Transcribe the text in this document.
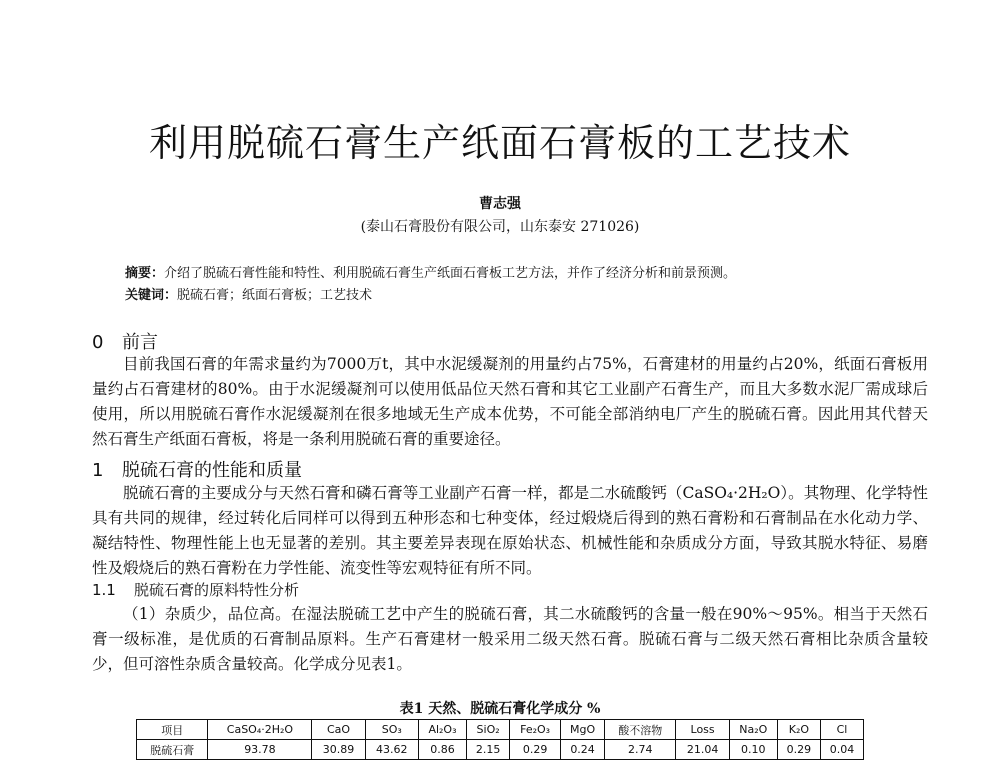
利用脱硫石膏生产纸面石膏板的工艺技术
曹志强
(泰山石膏股份有限公司，山东泰安 271026)
摘要：介绍了脱硫石膏性能和特性、利用脱硫石膏生产纸面石膏板工艺方法，并作了经济分析和前景预测。
关键词：脱硫石膏；纸面石膏板；工艺技术
0 前言

目前我国石膏的年需求量约为7000万t，其中水泥缓凝剂的用量约占75%，石膏建材的用量约占20%，纸面石膏板用量约占石膏建材的80%。由于水泥缓凝剂可以使用低品位天然石膏和其它工业副产石膏生产，而且大多数水泥厂需成球后使用，所以用脱硫石膏作水泥缓凝剂在很多地域无生产成本优势，不可能全部消纳电厂产生的脱硫石膏。因此用其代替天然石膏生产纸面石膏板，将是一条利用脱硫石膏的重要途径。

1 脱硫石膏的性能和质量

脱硫石膏的主要成分与天然石膏和磷石膏等工业副产石膏一样，都是二水硫酸钙（CaSO₄·2H₂O）。其物理、化学特性具有共同的规律，经过转化后同样可以得到五种形态和七种变体，经过煅烧后得到的熟石膏粉和石膏制品在水化动力学、凝结特性、物理性能上也无显著的差别。其主要差异表现在原始状态、机械性能和杂质成分方面，导致其脱水特征、易磨性及煅烧后的熟石膏粉在力学性能、流变性等宏观特征有所不同。

1.1 脱硫石膏的原料特性分析

（1）杂质少，品位高。在湿法脱硫工艺中产生的脱硫石膏，其二水硫酸钙的含量一般在90%～95%。相当于天然石膏一级标准，是优质的石膏制品原料。生产石膏建材一般采用二级天然石膏。脱硫石膏与二级天然石膏相比杂质含量较少，但可溶性杂质含量较高。化学成分见表1。

表1 天然、脱硫石膏化学成分 %
项目	CaSO₄·2H₂O	CaO	SO₃	Al₂O₃	SiO₂	Fe₂O₃	MgO	酸不溶物	Loss	Na₂O	K₂O	Cl
脱硫石膏	93.78	30.89	43.62	0.86	2.15	0.29	0.24	2.74	21.04	0.10	0.29	0.04
